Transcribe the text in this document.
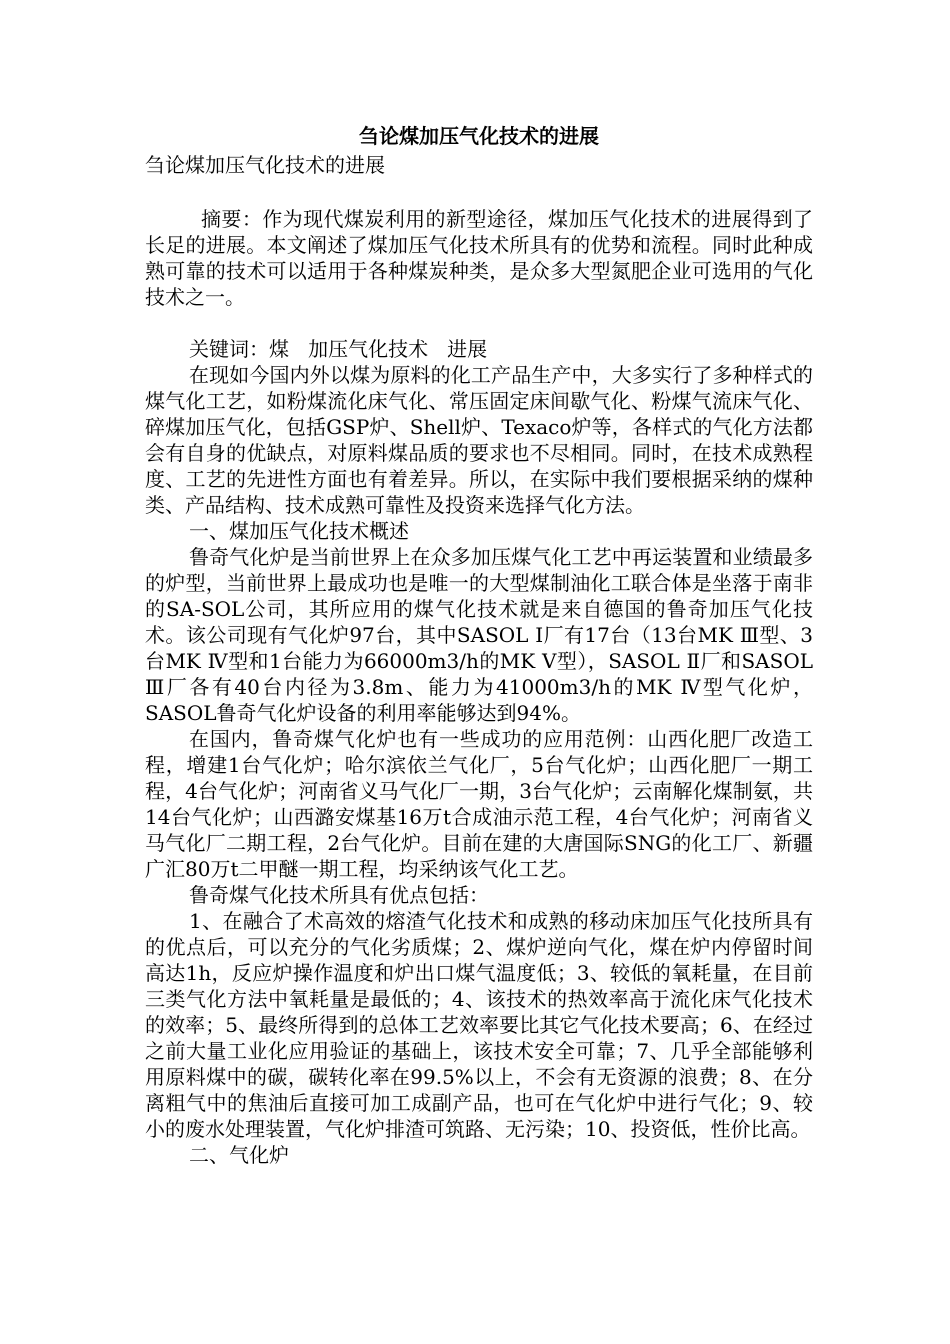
刍论煤加压气化技术的进展

刍论煤加压气化技术的进展

摘要：作为现代煤炭利用的新型途径，煤加压气化技术的进展得到了长足的进展。本文阐述了煤加压气化技术所具有的优势和流程。同时此种成熟可靠的技术可以适用于各种煤炭种类，是众多大型氮肥企业可选用的气化技术之一。

关键词：煤   加压气化技术   进展

在现如今国内外以煤为原料的化工产品生产中，大多实行了多种样式的煤气化工艺，如粉煤流化床气化、常压固定床间歇气化、粉煤气流床气化、碎煤加压气化，包括GSP炉、Shell炉、Texaco炉等，各样式的气化方法都会有自身的优缺点，对原料煤品质的要求也不尽相同。同时，在技术成熟程度、工艺的先进性方面也有着差异。所以，在实际中我们要根据采纳的煤种类、产品结构、技术成熟可靠性及投资来选择气化方法。

一、煤加压气化技术概述

鲁奇气化炉是当前世界上在众多加压煤气化工艺中再运装置和业绩最多的炉型，当前世界上最成功也是唯一的大型煤制油化工联合体是坐落于南非的SA-SOL公司，其所应用的煤气化技术就是来自德国的鲁奇加压气化技术。该公司现有气化炉97台，其中SASOL Ⅰ厂有17台（13台MK Ⅲ型、3台MK Ⅳ型和1台能力为66000m3/h的MK Ⅴ型），SASOL Ⅱ厂和SASOL Ⅲ厂各有40台内径为3.8m、能力为41000m3/h的MK Ⅳ型气化炉，SASOL鲁奇气化炉设备的利用率能够达到94%。

在国内，鲁奇煤气化炉也有一些成功的应用范例：山西化肥厂改造工程，增建1台气化炉；哈尔滨依兰气化厂，5台气化炉；山西化肥厂一期工程，4台气化炉；河南省义马气化厂一期，3台气化炉；云南解化煤制氨，共14台气化炉；山西潞安煤基16万t合成油示范工程，4台气化炉；河南省义马气化厂二期工程，2台气化炉。目前在建的大唐国际SNG的化工厂、新疆广汇80万t二甲醚一期工程，均采纳该气化工艺。

鲁奇煤气化技术所具有优点包括：

1、在融合了术高效的熔渣气化技术和成熟的移动床加压气化技所具有的优点后，可以充分的气化劣质煤；2、煤炉逆向气化，煤在炉内停留时间高达1h，反应炉操作温度和炉出口煤气温度低；3、较低的氧耗量，在目前三类气化方法中氧耗量是最低的；4、该技术的热效率高于流化床气化技术的效率；5、最终所得到的总体工艺效率要比其它气化技术要高；6、在经过之前大量工业化应用验证的基础上，该技术安全可靠；7、几乎全部能够利用原料煤中的碳，碳转化率在99.5%以上，不会有无资源的浪费；8、在分离粗气中的焦油后直接可加工成副产品，也可在气化炉中进行气化；9、较小的废水处理装置，气化炉排渣可筑路、无污染；10、投资低，性价比高。

二、气化炉
